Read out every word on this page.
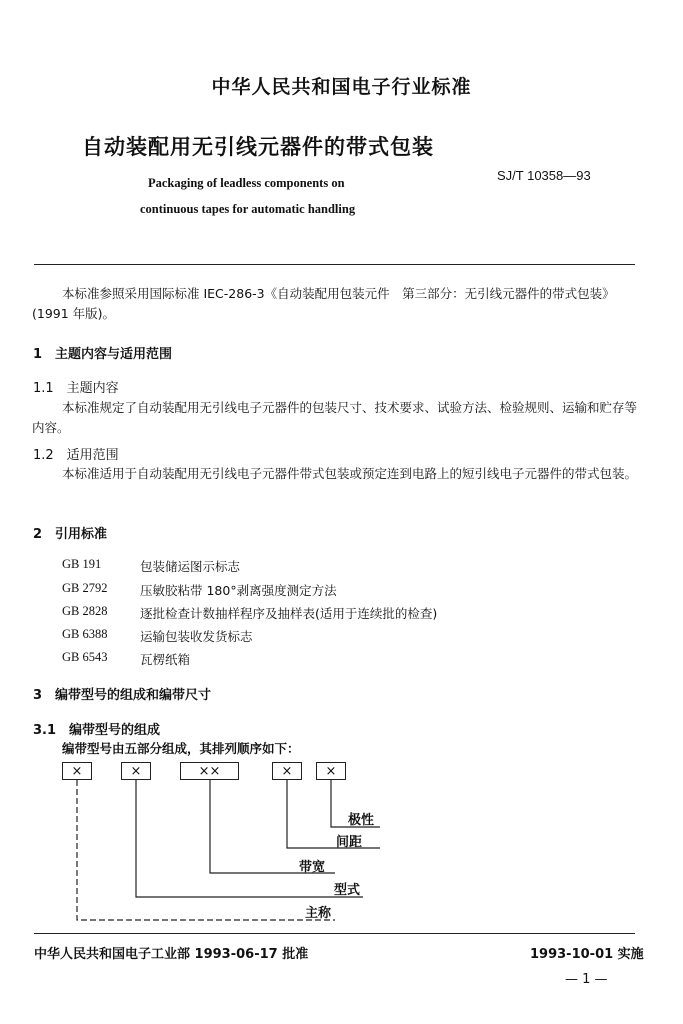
中华人民共和国电子行业标准
自动装配用无引线元器件的带式包装
Packaging of leadless components on
continuous tapes for automatic handling
SJ/T 10358—93
本标准参照采用国际标准 IEC-286-3《自动装配用包装元件　第三部分：无引线元器件的带式包装》(1991 年版)。
1　主题内容与适用范围
1.1　主题内容
本标准规定了自动装配用无引线电子元器件的包装尺寸、技术要求、试验方法、检验规则、运输和贮存等内容。
1.2　适用范围
本标准适用于自动装配用无引线电子元器件带式包装或预定连到电路上的短引线电子元器件的带式包装。
2　引用标准
GB 191	包装储运图示标志
GB 2792	压敏胶粘带 180°剥离强度测定方法
GB 2828	逐批检查计数抽样程序及抽样表(适用于连续批的检查)
GB 6388	运输包装收发货标志
GB 6543	瓦楞纸箱
3　编带型号的组成和编带尺寸
3.1　编带型号的组成
编带型号由五部分组成，其排列顺序如下：
×	×	××	×	×
极性
间距
带宽
型式
主称
中华人民共和国电子工业部 1993-06-17 批准	1993-10-01 实施
— 1 —
